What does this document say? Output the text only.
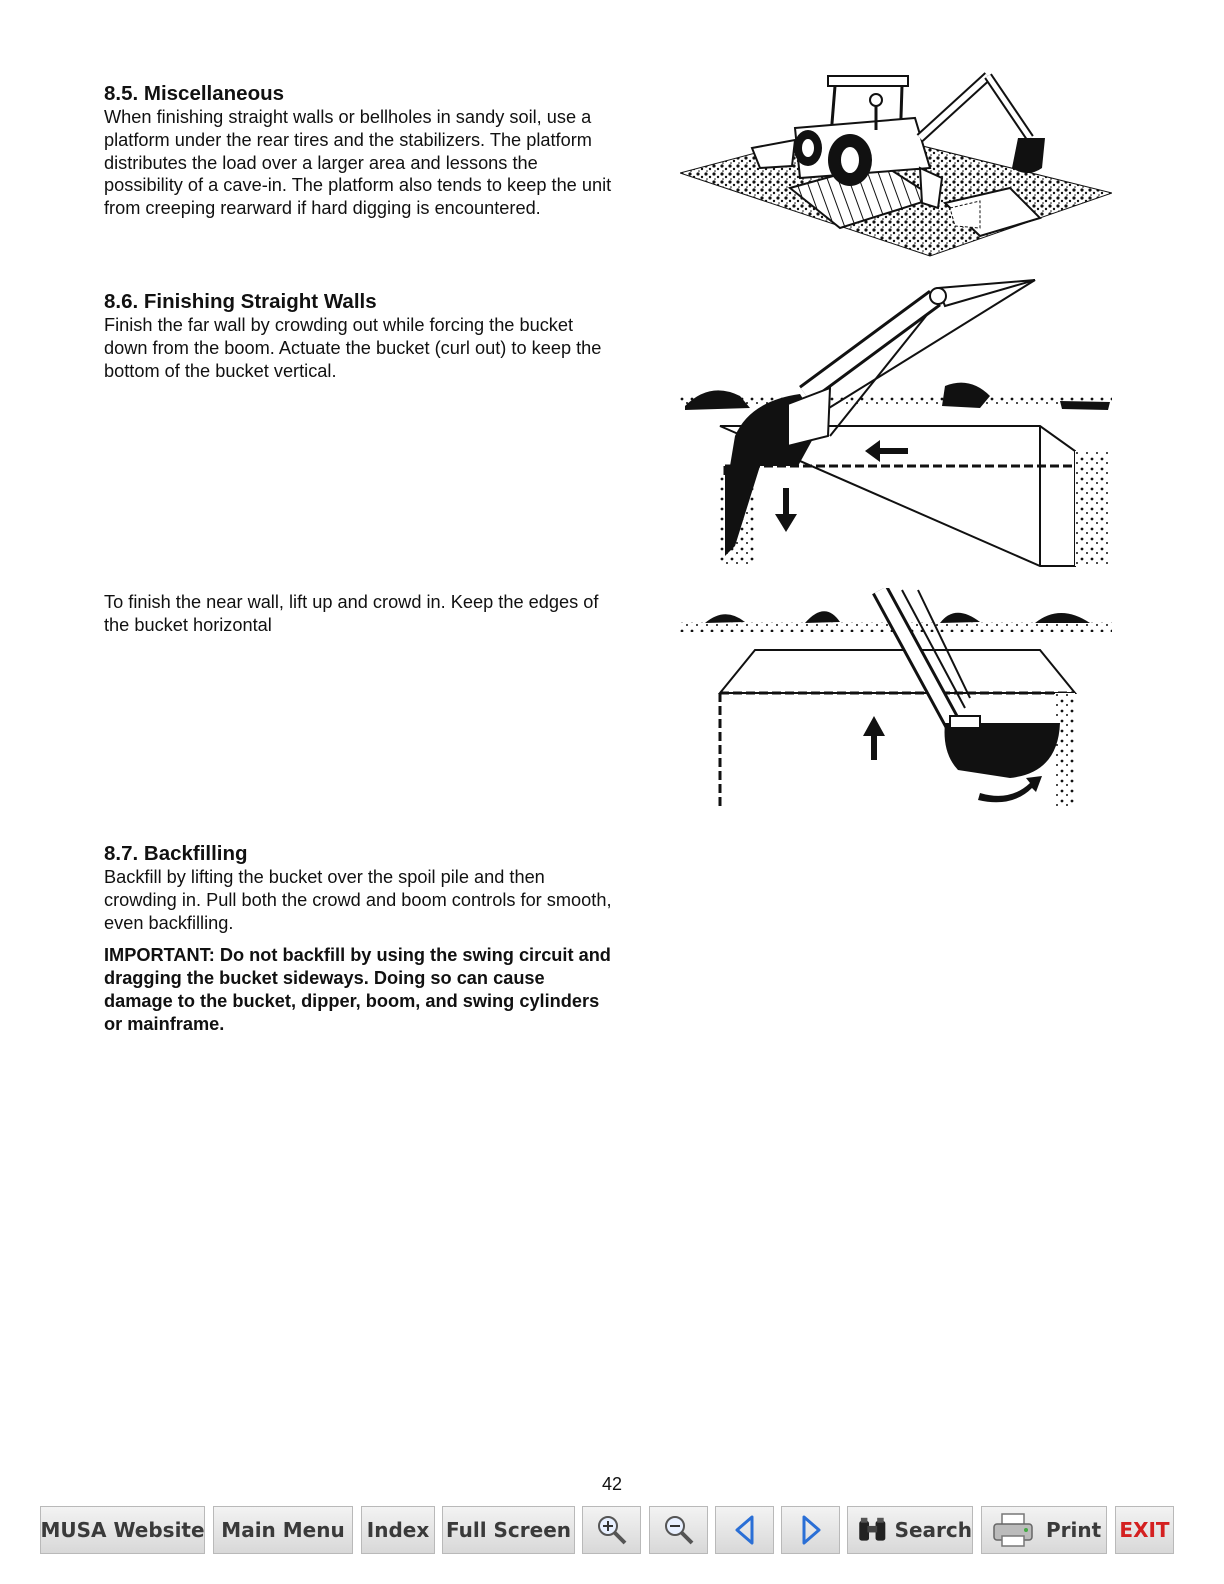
8.5. Miscellaneous

When finishing straight walls or bellholes in sandy soil, use a
platform under the rear tires and the stabilizers. The platform
distributes the load over a larger area and lessons the
possibility of a cave-in. The platform also tends to keep the unit
from creeping rearward if hard digging is encountered.

8.6. Finishing Straight Walls

Finish the far wall by crowding out while forcing the bucket
down from the boom. Actuate the bucket (curl out) to keep the
bottom of the bucket vertical.

To finish the near wall, lift up and crowd in. Keep the edges of
the bucket horizontal

8.7. Backfilling

Backfill by lifting the bucket over the spoil pile and then
crowding in. Pull both the crowd and boom controls for smooth,
even backfilling.

IMPORTANT: Do not backfill by using the swing circuit and
dragging the bucket sideways. Doing so can cause
damage to the bucket, dipper, boom, and swing cylinders
or mainframe.

42
MUSA Website Main Menu Index Full Screen	Search	Print EXIT
